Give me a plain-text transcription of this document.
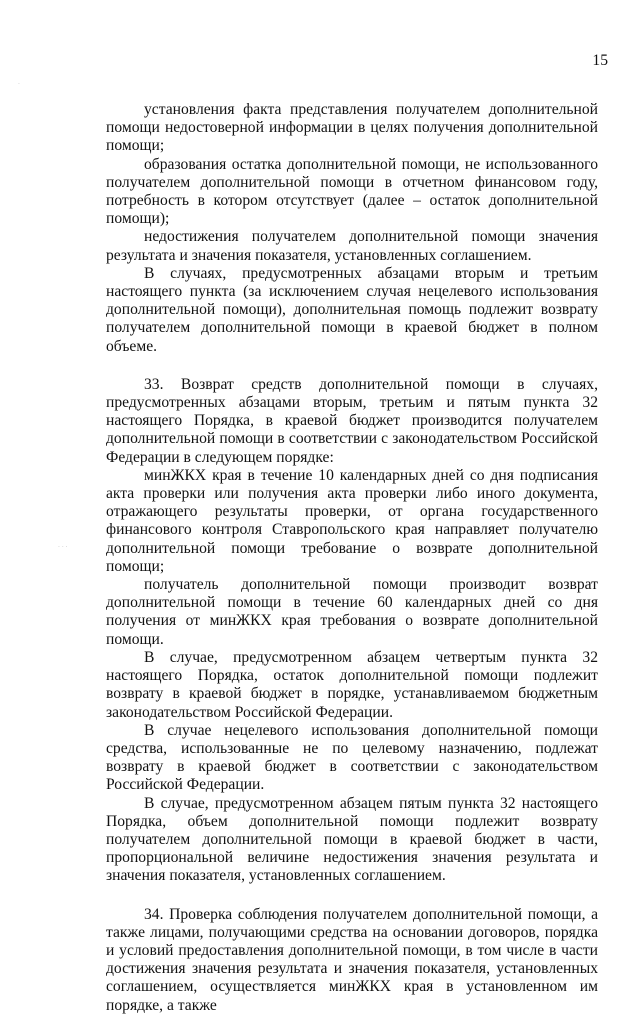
15
·
· · ·

установления факта представления получателем дополнительной помощи недостоверной информации в целях получения дополнительной помощи;

образования остатка дополнительной помощи, не использованного получателем дополнительной помощи в отчетном финансовом году, потребность в котором отсутствует (далее – остаток дополнительной помощи);

недостижения получателем дополнительной помощи значения результата и значения показателя, установленных соглашением.

В случаях, предусмотренных абзацами вторым и третьим настоящего пункта (за исключением случая нецелевого использования дополнительной помощи), дополнительная помощь подлежит возврату получателем дополнительной помощи в краевой бюджет в полном объеме.

33. Возврат средств дополнительной помощи в случаях, предусмотренных абзацами вторым, третьим и пятым пункта 32 настоящего Порядка, в краевой бюджет производится получателем дополнительной помощи в соответствии с законодательством Российской Федерации в следующем порядке:

минЖКХ края в течение 10 календарных дней со дня подписания акта проверки или получения акта проверки либо иного документа, отражающего результаты проверки, от органа государственного финансового контроля Ставропольского края направляет получателю дополнительной помощи требование о возврате дополнительной помощи;

получатель дополнительной помощи производит возврат дополнительной помощи в течение 60 календарных дней со дня получения от минЖКХ края требования о возврате дополнительной помощи.

В случае, предусмотренном абзацем четвертым пункта 32 настоящего Порядка, остаток дополнительной помощи подлежит возврату в краевой бюджет в порядке, устанавливаемом бюджетным законодательством Российской Федерации.

В случае нецелевого использования дополнительной помощи средства, использованные не по целевому назначению, подлежат возврату в краевой бюджет в соответствии с законодательством Российской Федерации.

В случае, предусмотренном абзацем пятым пункта 32 настоящего Порядка, объем дополнительной помощи подлежит возврату получателем дополнительной помощи в краевой бюджет в части, пропорциональной величине недостижения значения результата и значения показателя, установленных соглашением.

34. Проверка соблюдения получателем дополнительной помощи, а также лицами, получающими средства на основании договоров, порядка и условий предоставления дополнительной помощи, в том числе в части достижения значения результата и значения показателя, установленных соглашением, осуществляется минЖКХ края в установленном им порядке, а также
